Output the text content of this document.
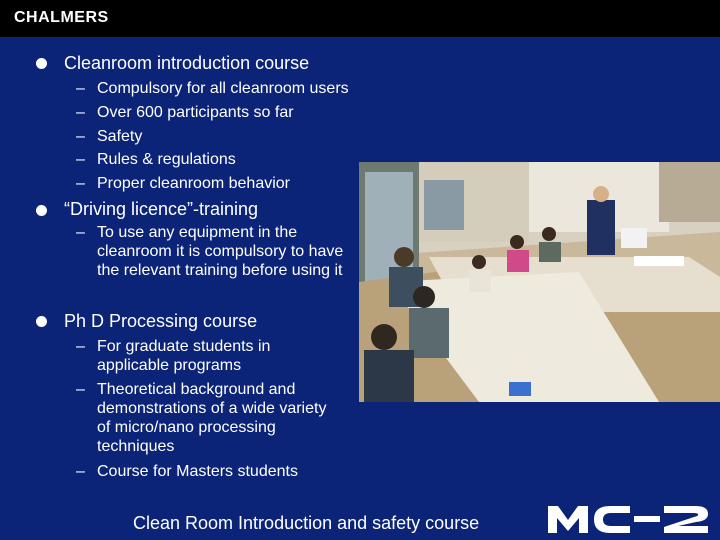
CHALMERS
Cleanroom introduction course
– Compulsory for all cleanroom users
– Over 600 participants so far
– Safety
– Rules & regulations
– Proper cleanroom behavior
“Driving licence”-training
– To use any equipment in the cleanroom it is compulsory to have the relevant training before using it
Ph D Processing course
– For graduate students in applicable programs
– Theoretical background and demonstrations of a wide variety of micro/nano processing techniques
– Course for Masters students
Clean Room Introduction and safety course
